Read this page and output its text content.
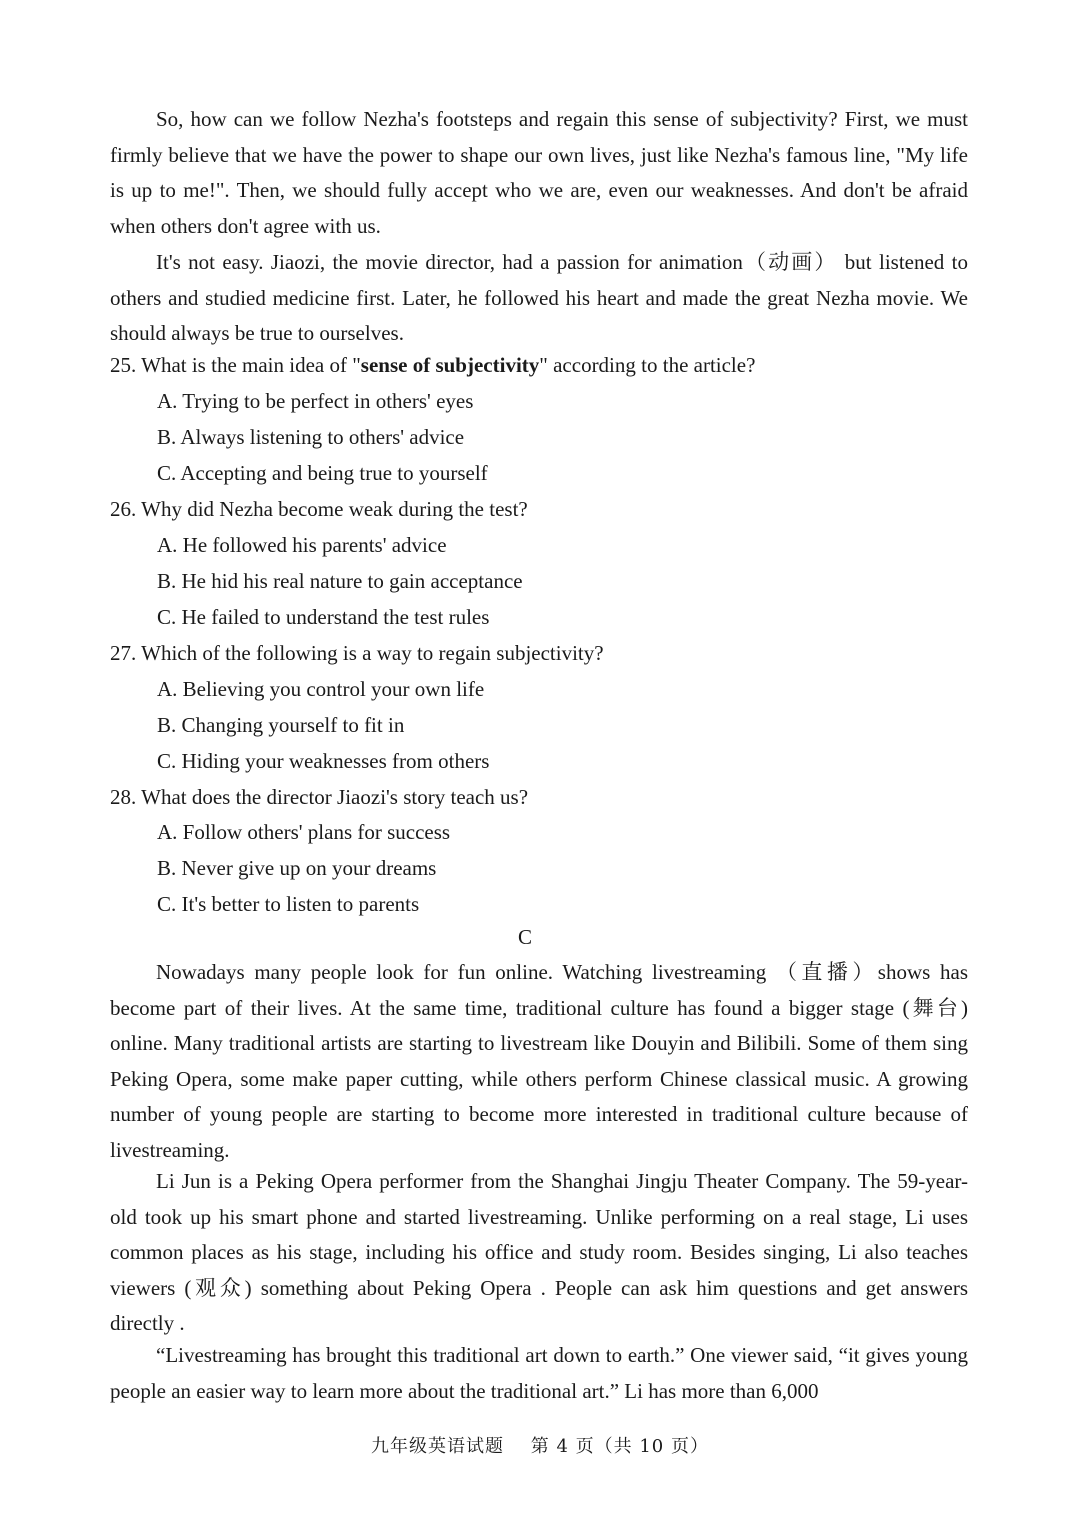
So, how can we follow Nezha's footsteps and regain this sense of subjectivity? First, we must firmly believe that we have the power to shape our own lives, just like Nezha's famous line, "My life is up to me!". Then, we should fully accept who we are, even our weaknesses. And don't be afraid when others don't agree with us.

It's not easy. Jiaozi, the movie director, had a passion for animation（动画） but listened to others and studied medicine first. Later, he followed his heart and made the great Nezha movie. We should always be true to ourselves.

25. What is the main idea of "sense of subjectivity" according to the article?

A. Trying to be perfect in others' eyes

B. Always listening to others' advice

C. Accepting and being true to yourself

26. Why did Nezha become weak during the test?

A. He followed his parents' advice

B. He hid his real nature to gain acceptance

C. He failed to understand the test rules

27. Which of the following is a way to regain subjectivity?

A. Believing you control your own life

B. Changing yourself to fit in

C. Hiding your weaknesses from others

28. What does the director Jiaozi's story teach us?

A. Follow others' plans for success

B. Never give up on your dreams

C. It's better to listen to parents

C

Nowadays many people look for fun online. Watching livestreaming （直播）shows has become part of their lives. At the same time, traditional culture has found a bigger stage (舞台) online. Many traditional artists are starting to livestream like Douyin and Bilibili. Some of them sing Peking Opera, some make paper cutting, while others perform Chinese classical music. A growing number of young people are starting to become more interested in traditional culture because of livestreaming.

Li Jun is a Peking Opera performer from the Shanghai Jingju Theater Company. The 59-year-old took up his smart phone and started livestreaming. Unlike performing on a real stage, Li uses common places as his stage, including his office and study room. Besides singing, Li also teaches viewers (观众) something about Peking Opera . People can ask him questions and get answers directly .

“Livestreaming has brought this traditional art down to earth.” One viewer said, “it gives young people an easier way to learn more about the traditional art.” Li has more than 6,000

九年级英语试题 第 4 页（共 10 页）
